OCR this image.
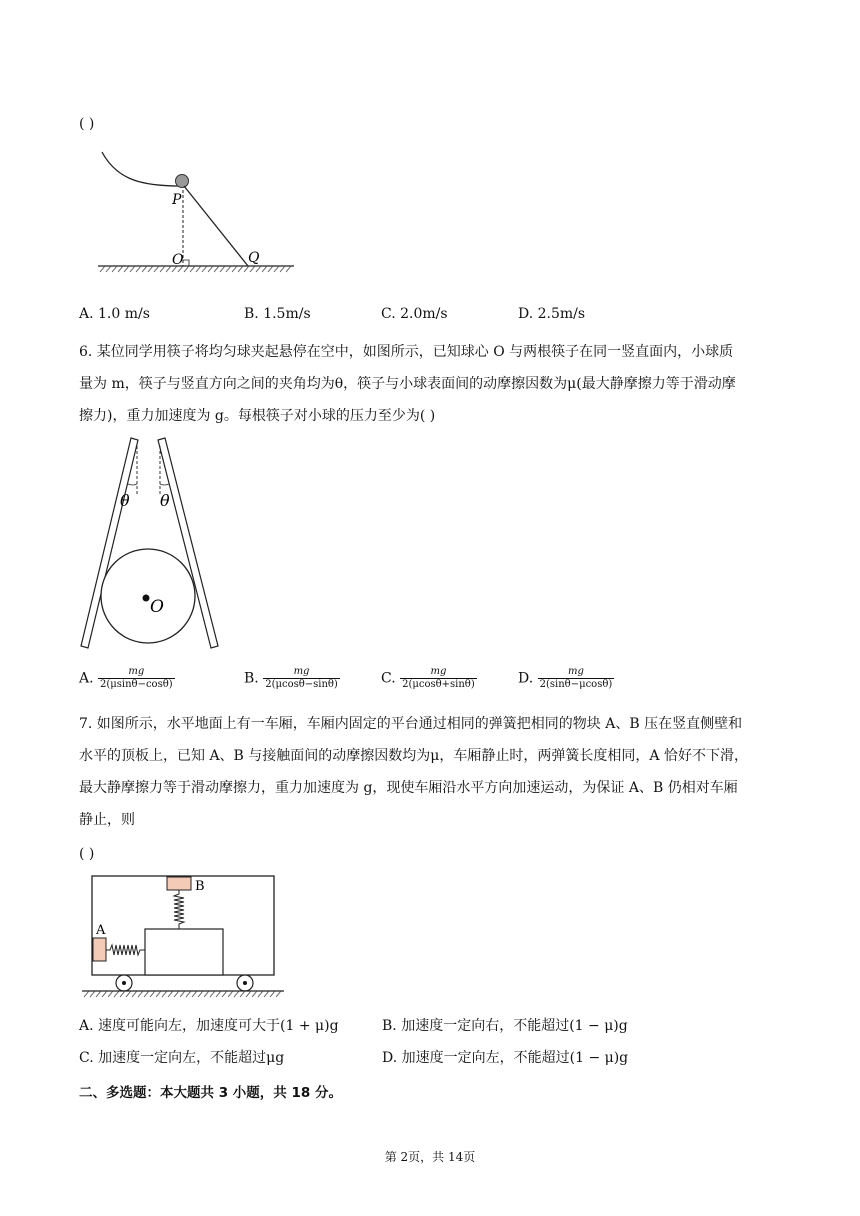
( )
P
O	Q
A. 1.0 m/s	B. 1.5m/s	C. 2.0m/s	D. 2.5m/s
6. 某位同学用筷子将均匀球夹起悬停在空中，如图所示，已知球心 O 与两根筷子在同一竖直面内，小球质
量为 m，筷子与竖直方向之间的夹角均为θ，筷子与小球表面间的动摩擦因数为μ(最大静摩擦力等于滑动摩
擦力)，重力加速度为 g。每根筷子对小球的压力至少为( )
θ θ
O
A. $\frac{mg}{2(\mu\sin\theta-\cos\theta)}$	B. $\frac{mg}{2(\mu\cos\theta-\sin\theta)}$	C. $\frac{mg}{2(\mu\cos\theta+\sin\theta)}$	D. $\frac{mg}{2(\sin\theta-\mu\cos\theta)}$
7. 如图所示，水平地面上有一车厢，车厢内固定的平台通过相同的弹簧把相同的物块 A、B 压在竖直侧壁和
水平的顶板上，已知 A、B 与接触面间的动摩擦因数均为μ，车厢静止时，两弹簧长度相同，A 恰好不下滑，
最大静摩擦力等于滑动摩擦力，重力加速度为 g，现使车厢沿水平方向加速运动，为保证 A、B 仍相对车厢
静止，则
( )
A
B
A. 速度可能向左，加速度可大于(1 + μ)g	B. 加速度一定向右，不能超过(1 − μ)g
C. 加速度一定向左，不能超过μg	D. 加速度一定向左，不能超过(1 − μ)g
二、多选题：本大题共 3 小题，共 18 分。
第 2页，共 14页
